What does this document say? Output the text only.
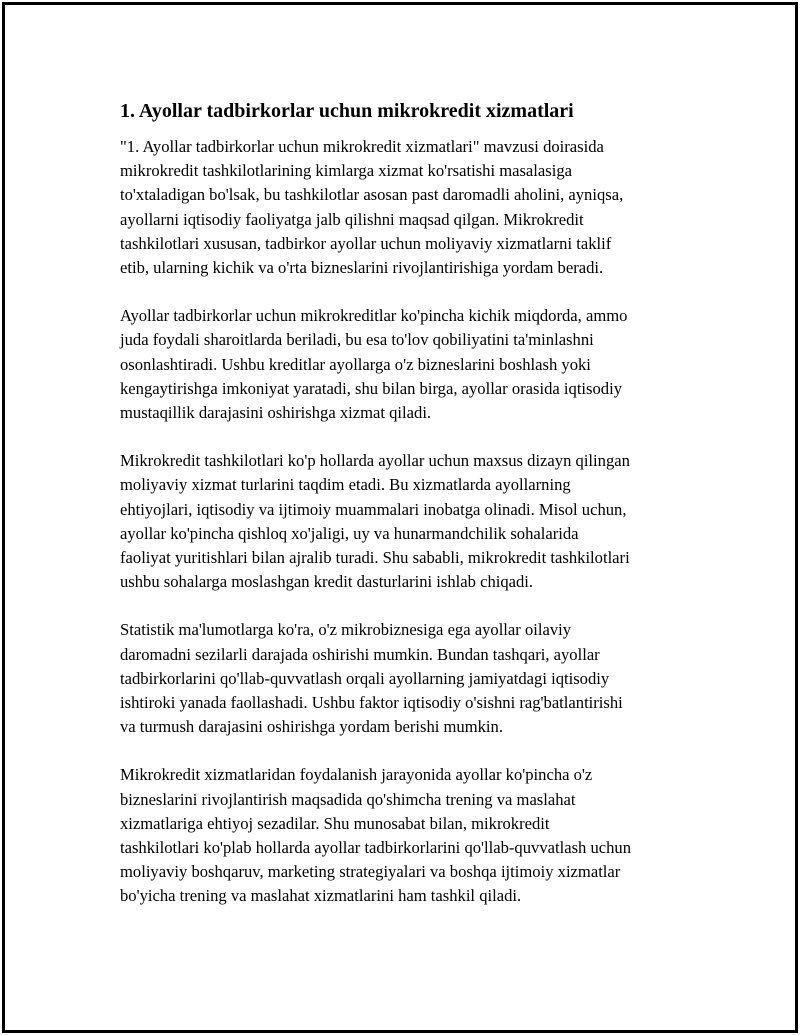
1. Ayollar tadbirkorlar uchun mikrokredit xizmatlari

"1. Ayollar tadbirkorlar uchun mikrokredit xizmatlari" mavzusi doirasida
mikrokredit tashkilotlarining kimlarga xizmat ko'rsatishi masalasiga
to'xtaladigan bo'lsak, bu tashkilotlar asosan past daromadli aholini, ayniqsa,
ayollarni iqtisodiy faoliyatga jalb qilishni maqsad qilgan. Mikrokredit
tashkilotlari xususan, tadbirkor ayollar uchun moliyaviy xizmatlarni taklif
etib, ularning kichik va o'rta bizneslarini rivojlantirishiga yordam beradi.

Ayollar tadbirkorlar uchun mikrokreditlar ko'pincha kichik miqdorda, ammo
juda foydali sharoitlarda beriladi, bu esa to'lov qobiliyatini ta'minlashni
osonlashtiradi. Ushbu kreditlar ayollarga o'z bizneslarini boshlash yoki
kengaytirishga imkoniyat yaratadi, shu bilan birga, ayollar orasida iqtisodiy
mustaqillik darajasini oshirishga xizmat qiladi.

Mikrokredit tashkilotlari ko'p hollarda ayollar uchun maxsus dizayn qilingan
moliyaviy xizmat turlarini taqdim etadi. Bu xizmatlarda ayollarning
ehtiyojlari, iqtisodiy va ijtimoiy muammalari inobatga olinadi. Misol uchun,
ayollar ko'pincha qishloq xo'jaligi, uy va hunarmandchilik sohalarida
faoliyat yuritishlari bilan ajralib turadi. Shu sababli, mikrokredit tashkilotlari
ushbu sohalarga moslashgan kredit dasturlarini ishlab chiqadi.

Statistik ma'lumotlarga ko'ra, o'z mikrobiznesiga ega ayollar oilaviy
daromadni sezilarli darajada oshirishi mumkin. Bundan tashqari, ayollar
tadbirkorlarini qo'llab-quvvatlash orqali ayollarning jamiyatdagi iqtisodiy
ishtiroki yanada faollashadi. Ushbu faktor iqtisodiy o'sishni rag'batlantirishi
va turmush darajasini oshirishga yordam berishi mumkin.

Mikrokredit xizmatlaridan foydalanish jarayonida ayollar ko'pincha o'z
bizneslarini rivojlantirish maqsadida qo'shimcha trening va maslahat
xizmatlariga ehtiyoj sezadilar. Shu munosabat bilan, mikrokredit
tashkilotlari ko'plab hollarda ayollar tadbirkorlarini qo'llab-quvvatlash uchun
moliyaviy boshqaruv, marketing strategiyalari va boshqa ijtimoiy xizmatlar
bo'yicha trening va maslahat xizmatlarini ham tashkil qiladi.
